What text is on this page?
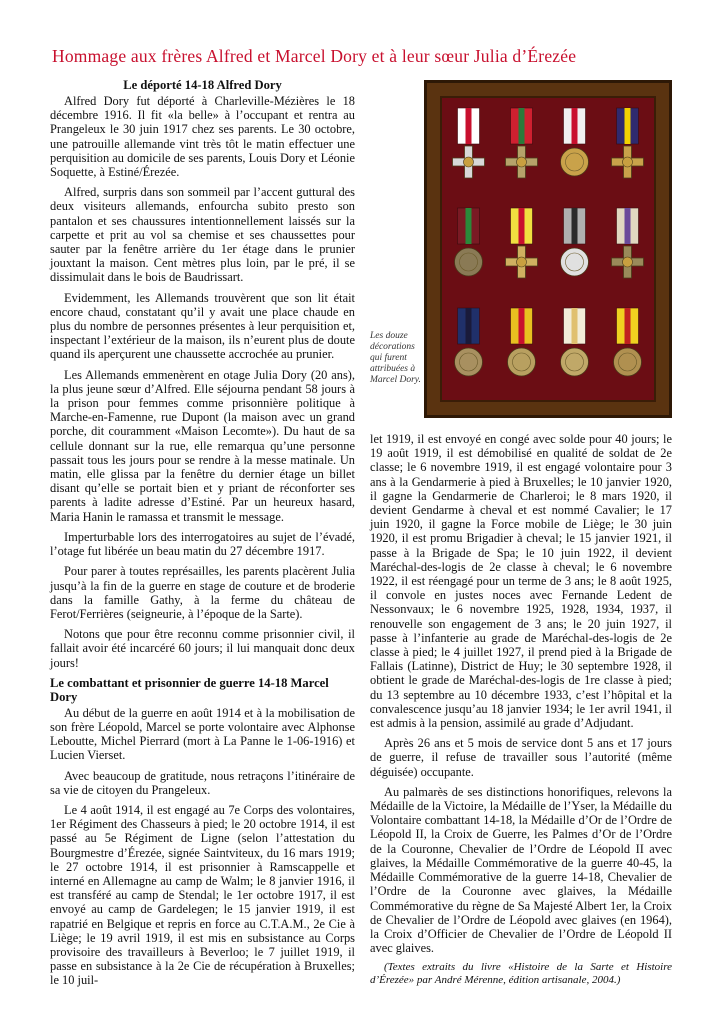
Hommage aux frères Alfred et Marcel Dory et à leur sœur Julia d’Érezée
Le déporté 14-18 Alfred Dory

Alfred Dory fut déporté à Charleville-Mézières le 18 décembre 1916. Il fit «la belle» à l’occupant et rentra au Prangeleux le 30 juin 1917 chez ses parents. Le 30 octobre, une patrouille allemande vint très tôt le matin effectuer une perquisition au domicile de ses parents, Louis Dory et Léonie Soquette, à Estiné/Érezée.

Alfred, surpris dans son sommeil par l’accent guttural des deux visiteurs allemands, enfourcha subito presto son pantalon et ses chaussures intentionnellement laissés sur la carpette et prit au vol sa chemise et ses chaussettes pour sauter par la fenêtre arrière du 1er étage dans le prunier jouxtant la maison. Cent mètres plus loin, par le pré, il se dissimulait dans le bois de Baudrissart.

Evidemment, les Allemands trouvèrent que son lit était encore chaud, constatant qu’il y avait une place chaude en plus du nombre de personnes présentes à leur perquisition et, inspectant l’extérieur de la maison, ils n’eurent plus de doute quand ils aperçurent une chaussette accrochée au prunier.

Les Allemands emmenèrent en otage Julia Dory (20 ans), la plus jeune sœur d’Alfred. Elle séjourna pendant 58 jours à la prison pour femmes comme prisonnière politique à Marche-en-Famenne, rue Dupont (la maison avec un grand porche, dit couramment «Maison Lecomte»). Du haut de sa cellule donnant sur la rue, elle remarqua qu’une personne passait tous les jours pour se rendre à la messe matinale. Un matin, elle glissa par la fenêtre du dernier étage un billet disant qu’elle se portait bien et y priant de réconforter ses parents à ladite adresse d’Estiné. Par un heureux hasard, Maria Hanin le ramassa et transmit le message.

Imperturbable lors des interrogatoires au sujet de l’évadé, l’otage fut libérée un beau matin du 27 décembre 1917.

Pour parer à toutes représailles, les parents placèrent Julia jusqu’à la fin de la guerre en stage de couture et de broderie dans la famille Gathy, à la ferme du château de Ferot/Ferrières (seigneurie, à l’époque de la Sarte).

Notons que pour être reconnu comme prisonnier civil, il fallait avoir été incarcéré 60 jours; il lui manquait donc deux jours!

Le combattant et prisonnier de guerre 14-18 Marcel Dory

Au début de la guerre en août 1914 et à la mobilisation de son frère Léopold, Marcel se porte volontaire avec Alphonse Leboutte, Michel Pierrard (mort à La Panne le 1-06-1916) et Lucien Vierset.

Avec beaucoup de gratitude, nous retraçons l’itinéraire de sa vie de citoyen du Prangeleux.

Le 4 août 1914, il est engagé au 7e Corps des volontaires, 1er Régiment des Chasseurs à pied; le 20 octobre 1914, il est passé au 5e Régiment de Ligne (selon l’attestation du Bourgmestre d’Érezée, signée Saintviteux, du 16 mars 1919; le 27 octobre 1914, il est prisonnier à Ramscappelle et interné en Allemagne au camp de Walm; le 8 janvier 1916, il est transféré au camp de Stendal; le 1er octobre 1917, il est envoyé au camp de Gardelegen; le 15 janvier 1919, il est rapatrié en Belgique et repris en force au C.T.A.M., 2e Cie à Liège; le 19 avril 1919, il est mis en subsistance au Corps provisoire des travailleurs à Beverloo; le 7 juillet 1919, il passe en subsistance à la 2e Cie de récupération à Bruxelles; le 10 juil-

Les douze décorations qui furent attribuées à Marcel Dory.

let 1919, il est envoyé en congé avec solde pour 40 jours; le 19 août 1919, il est démobilisé en qualité de soldat de 2e classe; le 6 novembre 1919, il est engagé volontaire pour 3 ans à la Gendarmerie à pied à Bruxelles; le 10 janvier 1920, il gagne la Gendarmerie de Charleroi; le 8 mars 1920, il devient Gendarme à cheval et est nommé Cavalier; le 17 juin 1920, il gagne la Force mobile de Liège; le 30 juin 1920, il est promu Brigadier à cheval; le 15 janvier 1921, il passe à la Brigade de Spa; le 10 juin 1922, il devient Maréchal-des-logis de 2e classe à cheval; le 6 novembre 1922, il est réengagé pour un terme de 3 ans; le 8 août 1925, il convole en justes noces avec Fernande Ledent de Nessonvaux; le 6 novembre 1925, 1928, 1934, 1937, il renouvelle son engagement de 3 ans; le 20 juin 1927, il passe à l’infanterie au grade de Maréchal-des-logis de 2e classe à pied; le 4 juillet 1927, il prend pied à la Brigade de Fallais (Latinne), District de Huy; le 30 septembre 1928, il obtient le grade de Maréchal-des-logis de 1re classe à pied; du 13 septembre au 10 décembre 1933, c’est l’hôpital et la convalescence jusqu’au 18 janvier 1934; le 1er avril 1941, il est admis à la pension, assimilé au grade d’Adjudant.

Après 26 ans et 5 mois de service dont 5 ans et 17 jours de guerre, il refuse de travailler sous l’autorité (même déguisée) occupante.

Au palmarès de ses distinctions honorifiques, relevons la Médaille de la Victoire, la Médaille de l’Yser, la Médaille du Volontaire combattant 14-18, la Médaille d’Or de l’Ordre de Léopold II, la Croix de Guerre, les Palmes d’Or de l’Ordre de la Couronne, Chevalier de l’Ordre de Léopold II avec glaives, la Médaille Commémorative de la guerre 40-45, la Médaille Commémorative de la guerre 14-18, Chevalier de l’Ordre de la Couronne avec glaives, la Médaille Commémorative du règne de Sa Majesté Albert 1er, la Croix de Chevalier de l’Ordre de Léopold avec glaives (en 1964), la Croix d’Officier de Chevalier de l’Ordre de Léopold II avec glaives.

(Textes extraits du livre «Histoire de la Sarte et Histoire d’Érezée» par André Mérenne, édition artisanale, 2004.)
